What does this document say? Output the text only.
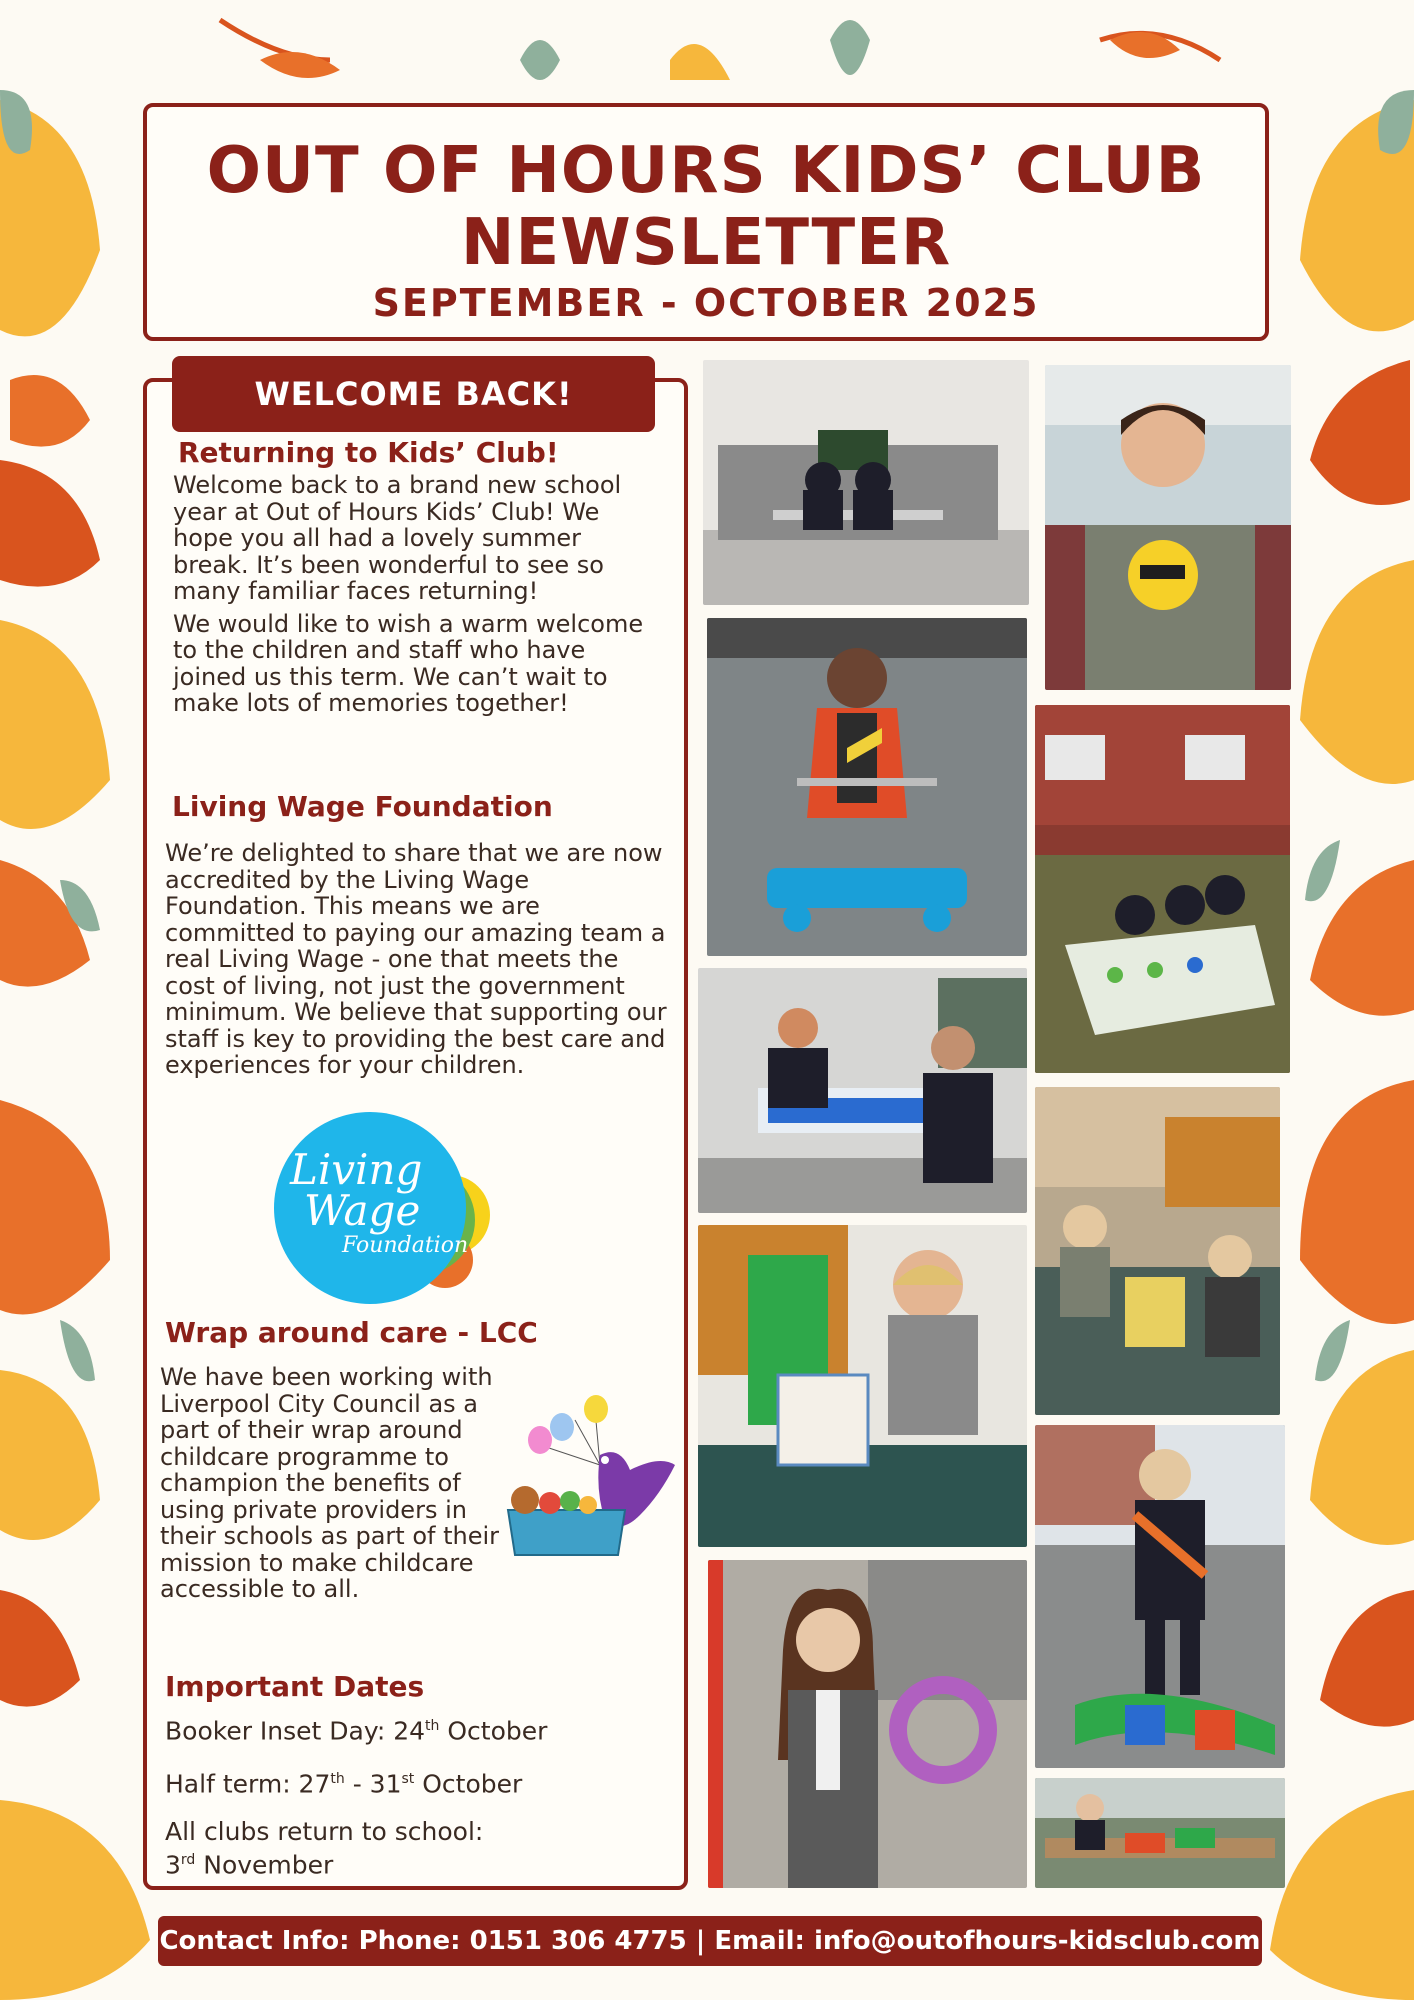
OUT OF HOURS KIDS’ CLUB
NEWSLETTER
SEPTEMBER - OCTOBER 2025
WELCOME BACK!
Returning to Kids’ Club!

Welcome back to a brand new school year at Out of Hours Kids’ Club! We hope you all had a lovely summer break. It’s been wonderful to see so many familiar faces returning!

We would like to wish a warm welcome to the children and staff who have joined us this term. We can’t wait to make lots of memories together!

Living Wage Foundation
We’re delighted to share that we are now accredited by the Living Wage Foundation. This means we are committed to paying our amazing team a real Living Wage - one that meets the cost of living, not just the government minimum. We believe that supporting our staff is key to providing the best care and experiences for your children.
Living
Wage
Foundation
Wrap around care - LCC
We have been working with Liverpool City Council as a part of their wrap around childcare programme to champion the benefits of using private providers in their schools as part of their mission to make childcare accessible to all.
Important Dates
Booker Inset Day: 24th October
Half term: 27th - 31st October
All clubs return to school:
3rd November
Contact Info: Phone: 0151 306 4775 | Email: info@outofhours-kidsclub.com
